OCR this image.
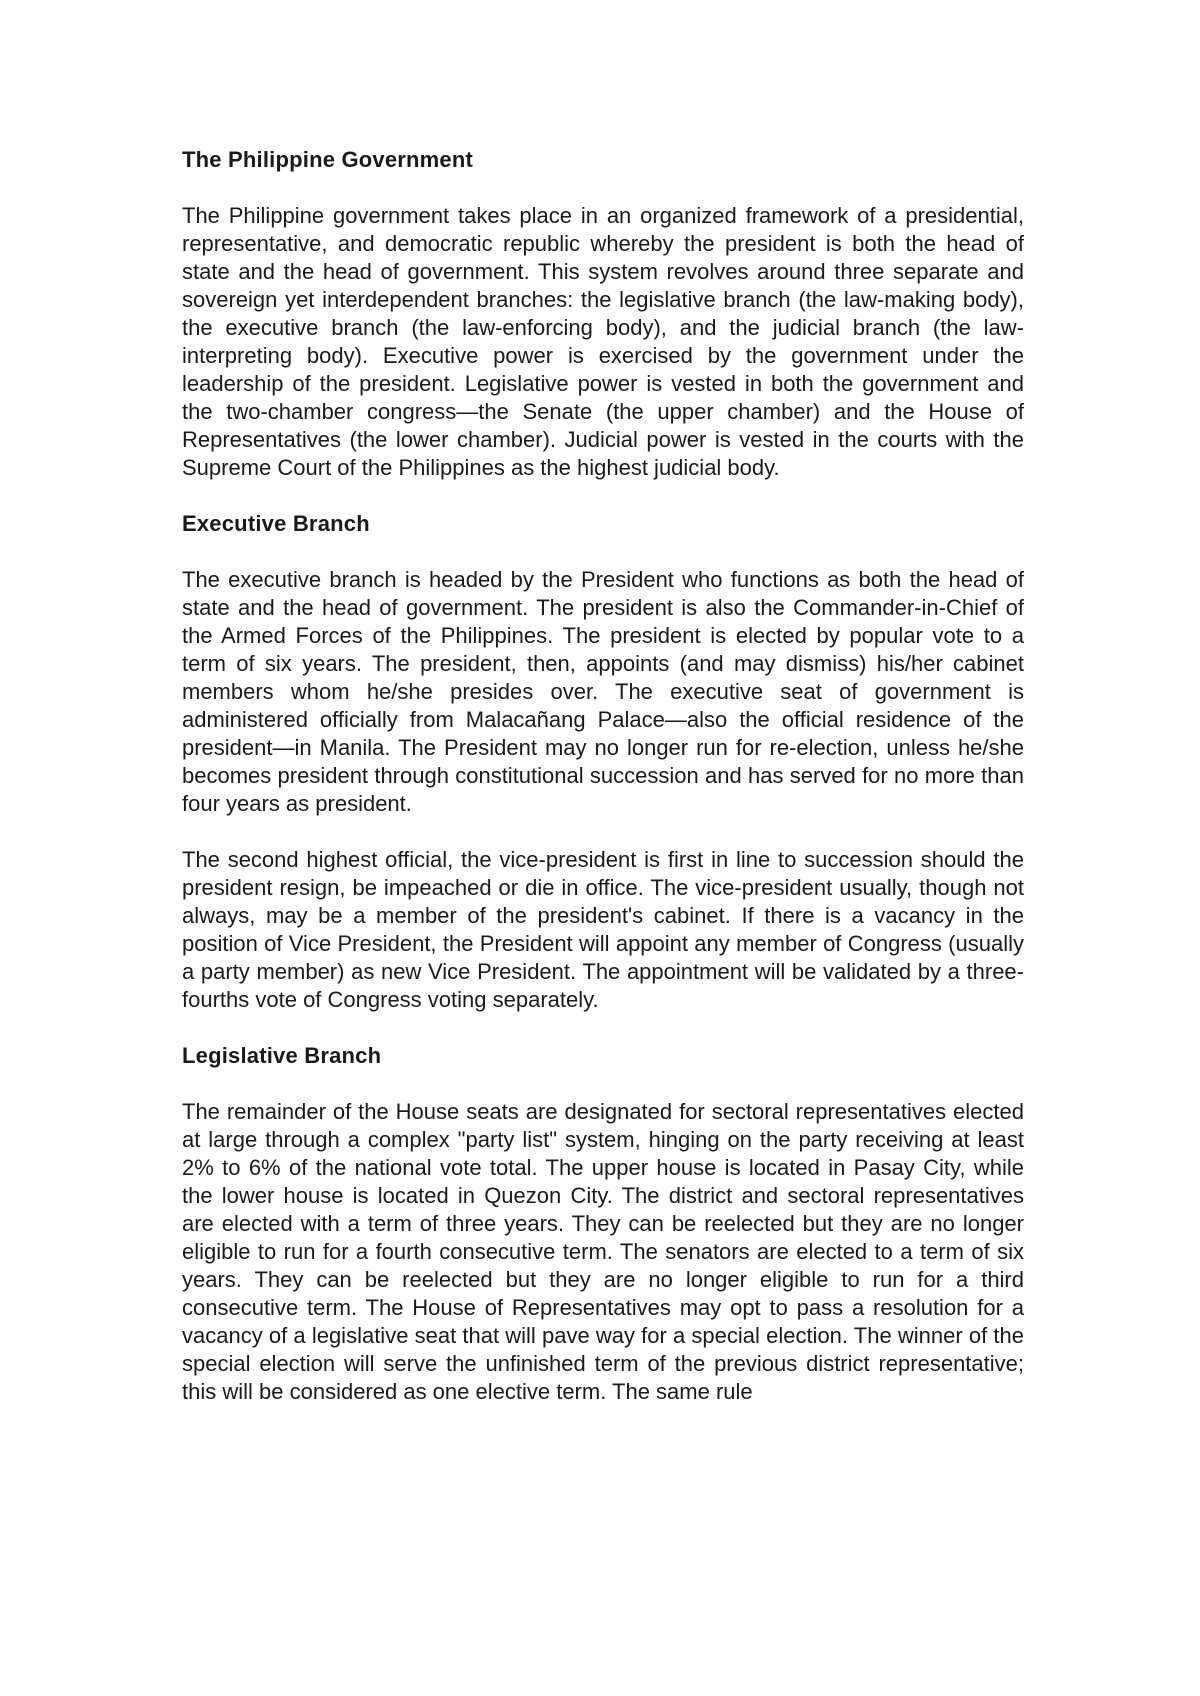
The Philippine Government

The Philippine government takes place in an organized framework of a presidential, representative, and democratic republic whereby the president is both the head of state and the head of government. This system revolves around three separate and sovereign yet interdependent branches: the legislative branch (the law-making body), the executive branch (the law-enforcing body), and the judicial branch (the law-interpreting body). Executive power is exercised by the government under the leadership of the president. Legislative power is vested in both the government and the two-chamber congress—the Senate (the upper chamber) and the House of Representatives (the lower chamber). Judicial power is vested in the courts with the Supreme Court of the Philippines as the highest judicial body.

Executive Branch

The executive branch is headed by the President who functions as both the head of state and the head of government. The president is also the Commander-in-Chief of the Armed Forces of the Philippines. The president is elected by popular vote to a term of six years. The president, then, appoints (and may dismiss) his/her cabinet members whom he/she presides over. The executive seat of government is administered officially from Malacañang Palace—also the official residence of the president—in Manila. The President may no longer run for re-election, unless he/she becomes president through constitutional succession and has served for no more than four years as president.

The second highest official, the vice-president is first in line to succession should the president resign, be impeached or die in office. The vice-president usually, though not always, may be a member of the president's cabinet. If there is a vacancy in the position of Vice President, the President will appoint any member of Congress (usually a party member) as new Vice President. The appointment will be validated by a three-fourths vote of Congress voting separately.

Legislative Branch

The remainder of the House seats are designated for sectoral representatives elected at large through a complex "party list" system, hinging on the party receiving at least 2% to 6% of the national vote total. The upper house is located in Pasay City, while the lower house is located in Quezon City. The district and sectoral representatives are elected with a term of three years. They can be reelected but they are no longer eligible to run for a fourth consecutive term. The senators are elected to a term of six years. They can be reelected but they are no longer eligible to run for a third consecutive term. The House of Representatives may opt to pass a resolution for a vacancy of a legislative seat that will pave way for a special election. The winner of the special election will serve the unfinished term of the previous district representative; this will be considered as one elective term. The same rule
